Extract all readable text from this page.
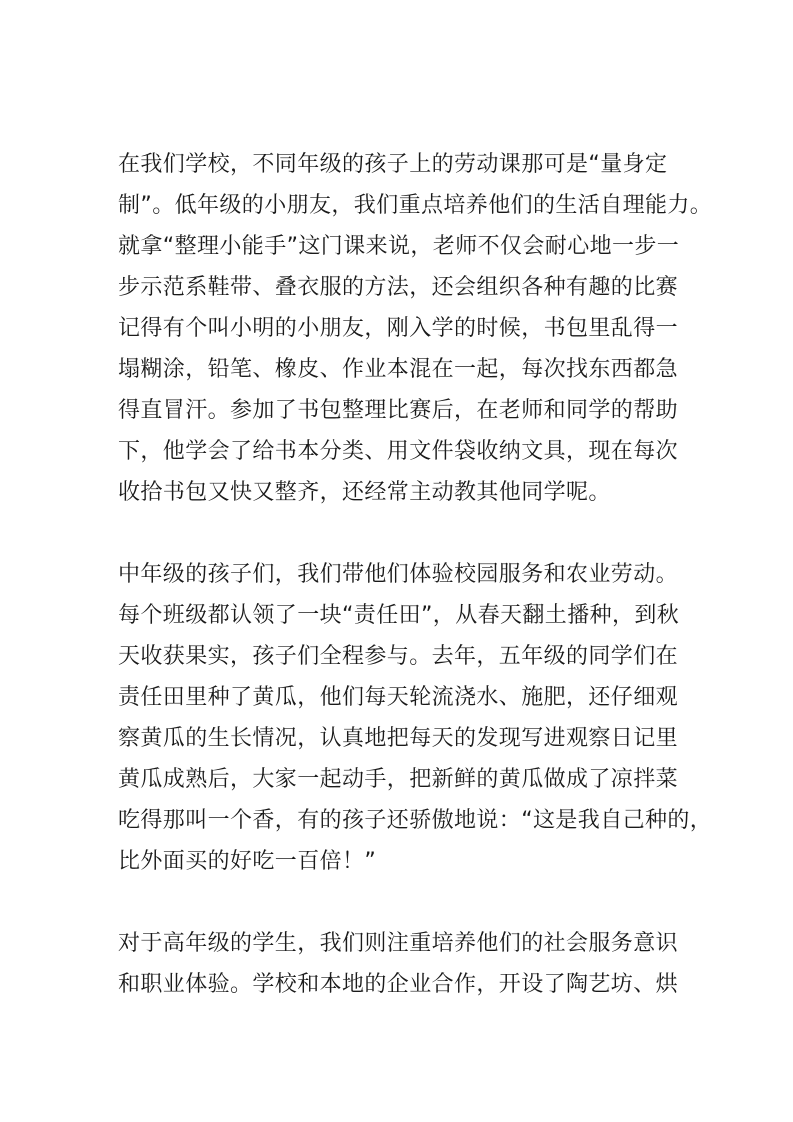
在我们学校，不同年级的孩子上的劳动课那可是“量身定
制”。低年级的小朋友，我们重点培养他们的生活自理能力。
就拿“整理小能手”这门课来说，老师不仅会耐心地一步一
步示范系鞋带、叠衣服的方法，还会组织各种有趣的比赛
记得有个叫小明的小朋友，刚入学的时候，书包里乱得一
塌糊涂，铅笔、橡皮、作业本混在一起，每次找东西都急
得直冒汗。参加了书包整理比赛后，在老师和同学的帮助
下，他学会了给书本分类、用文件袋收纳文具，现在每次
收拾书包又快又整齐，还经常主动教其他同学呢。
中年级的孩子们，我们带他们体验校园服务和农业劳动。
每个班级都认领了一块“责任田”，从春天翻土播种，到秋
天收获果实，孩子们全程参与。去年，五年级的同学们在
责任田里种了黄瓜，他们每天轮流浇水、施肥，还仔细观
察黄瓜的生长情况，认真地把每天的发现写进观察日记里
黄瓜成熟后，大家一起动手，把新鲜的黄瓜做成了凉拌菜
吃得那叫一个香，有的孩子还骄傲地说：“这是我自己种的，
比外面买的好吃一百倍！”
对于高年级的学生，我们则注重培养他们的社会服务意识
和职业体验。学校和本地的企业合作，开设了陶艺坊、烘
